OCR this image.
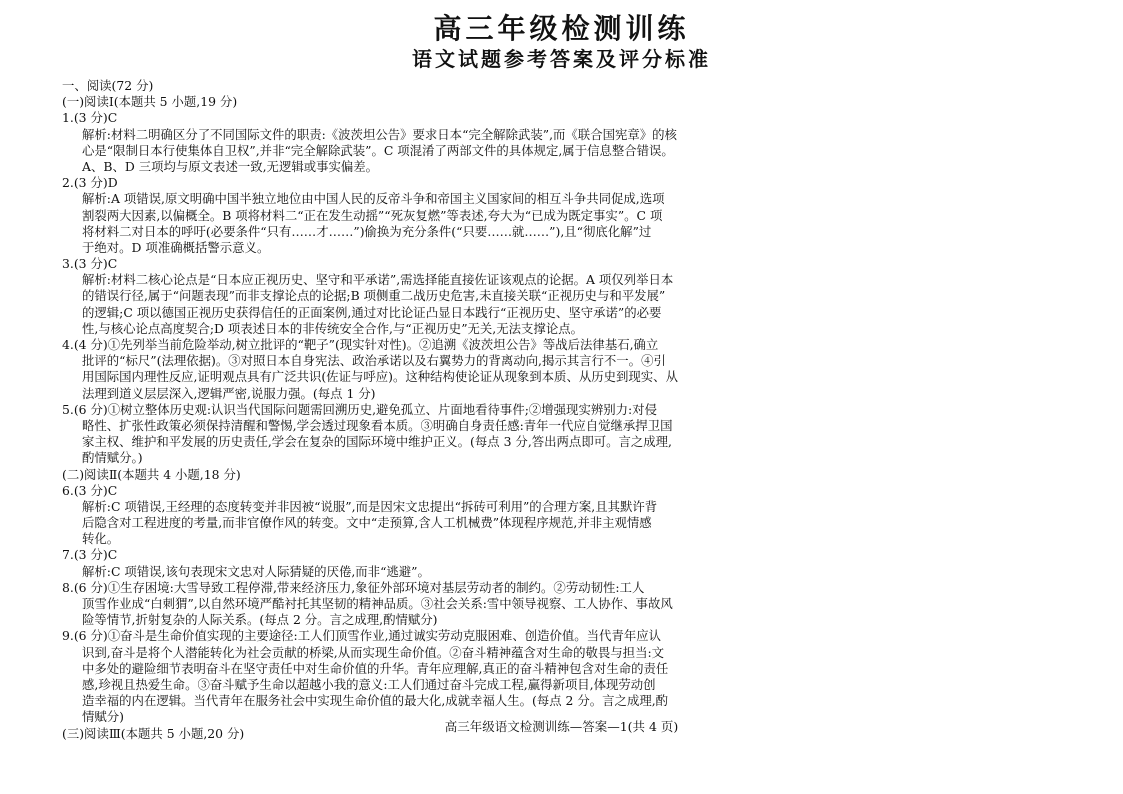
高三年级检测训练
语文试题参考答案及评分标准
一、阅读(72 分)
(一)阅读Ⅰ(本题共 5 小题,19 分)
1.(3 分)C
解析:材料二明确区分了不同国际文件的职责:《波茨坦公告》要求日本“完全解除武装”,而《联合国宪章》的核
心是“限制日本行使集体自卫权”,并非“完全解除武装”。C 项混淆了两部文件的具体规定,属于信息整合错误。
A、B、D 三项均与原文表述一致,无逻辑或事实偏差。
2.(3 分)D
解析:A 项错误,原文明确中国半独立地位由中国人民的反帝斗争和帝国主义国家间的相互斗争共同促成,选项
割裂两大因素,以偏概全。B 项将材料二“正在发生动摇”“死灰复燃”等表述,夸大为“已成为既定事实”。C 项
将材料二对日本的呼吁(必要条件“只有……才……”)偷换为充分条件(“只要……就……”),且“彻底化解”过
于绝对。D 项准确概括警示意义。
3.(3 分)C
解析:材料二核心论点是“日本应正视历史、坚守和平承诺”,需选择能直接佐证该观点的论据。A 项仅列举日本
的错误行径,属于“问题表现”而非支撑论点的论据;B 项侧重二战历史危害,未直接关联“正视历史与和平发展”
的逻辑;C 项以德国正视历史获得信任的正面案例,通过对比论证凸显日本践行“正视历史、坚守承诺”的必要
性,与核心论点高度契合;D 项表述日本的非传统安全合作,与“正视历史”无关,无法支撑论点。
4.(4 分)①先列举当前危险举动,树立批评的“靶子”(现实针对性)。②追溯《波茨坦公告》等战后法律基石,确立
批评的“标尺”(法理依据)。③对照日本自身宪法、政治承诺以及右翼势力的背离动向,揭示其言行不一。④引
用国际国内理性反应,证明观点具有广泛共识(佐证与呼应)。这种结构使论证从现象到本质、从历史到现实、从
法理到道义层层深入,逻辑严密,说服力强。(每点 1 分)
5.(6 分)①树立整体历史观:认识当代国际问题需回溯历史,避免孤立、片面地看待事件;②增强现实辨别力:对侵
略性、扩张性政策必须保持清醒和警惕,学会透过现象看本质。③明确自身责任感:青年一代应自觉继承捍卫国
家主权、维护和平发展的历史责任,学会在复杂的国际环境中维护正义。(每点 3 分,答出两点即可。言之成理,
酌情赋分。)
(二)阅读Ⅱ(本题共 4 小题,18 分)
6.(3 分)C
解析:C 项错误,王经理的态度转变并非因被“说服”,而是因宋文忠提出“拆砖可利用”的合理方案,且其默许背
后隐含对工程进度的考量,而非官僚作风的转变。文中“走预算,含人工机械费”体现程序规范,并非主观情感
转化。
7.(3 分)C
解析:C 项错误,该句表现宋文忠对人际猜疑的厌倦,而非“逃避”。
8.(6 分)①生存困境:大雪导致工程停滞,带来经济压力,象征外部环境对基层劳动者的制约。②劳动韧性:工人
顶雪作业成“白刺猬”,以自然环境严酷衬托其坚韧的精神品质。③社会关系:雪中领导视察、工人协作、事故风
险等情节,折射复杂的人际关系。(每点 2 分。言之成理,酌情赋分)
9.(6 分)①奋斗是生命价值实现的主要途径:工人们顶雪作业,通过诚实劳动克服困难、创造价值。当代青年应认
识到,奋斗是将个人潜能转化为社会贡献的桥梁,从而实现生命价值。②奋斗精神蕴含对生命的敬畏与担当:文
中多处的避险细节表明奋斗在坚守责任中对生命价值的升华。青年应理解,真正的奋斗精神包含对生命的责任
感,珍视且热爱生命。③奋斗赋予生命以超越小我的意义:工人们通过奋斗完成工程,赢得新项目,体现劳动创
造幸福的内在逻辑。当代青年在服务社会中实现生命价值的最大化,成就幸福人生。(每点 2 分。言之成理,酌
情赋分)
(三)阅读Ⅲ(本题共 5 小题,20 分)	高三年级语文检测训练—答案—1(共 4 页)
